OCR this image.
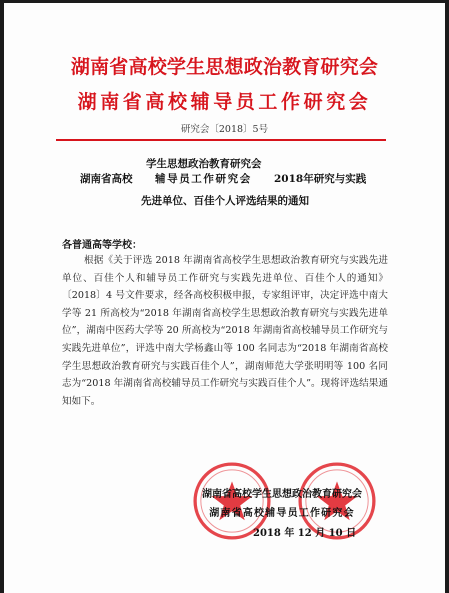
湖南省高校学生思想政治教育研究会
湖南省高校辅导员工作研究会
研究会〔2018〕5号
湖南省高校
学生思想政治教育研究会
辅导员工作研究会 2018年研究与实践
先进单位、百佳个人评选结果的通知
各普通高等学校：

根据《关于评选 2018 年湖南省高校学生思想政治教育研究与实践先进单位、百佳个人和辅导员工作研究与实践先进单位、百佳个人的通知》〔2018〕4 号文件要求，经各高校积极申报，专家组评审，决定评选中南大学等 21 所高校为“2018 年湖南省高校学生思想政治教育研究与实践先进单位”，湖南中医药大学等 20 所高校为“2018 年湖南省高校辅导员工作研究与实践先进单位”，评选中南大学杨鑫山等 100 名同志为“2018 年湖南省高校学生思想政治教育研究与实践百佳个人”，湖南师范大学张明明等 100 名同志为“2018 年湖南省高校辅导员工作研究与实践百佳个人”。现将评选结果通知如下。

湖南省高校学生思想政治教育研究会
湖南省高校辅导员工作研究会
2018 年 12 月 10 日
